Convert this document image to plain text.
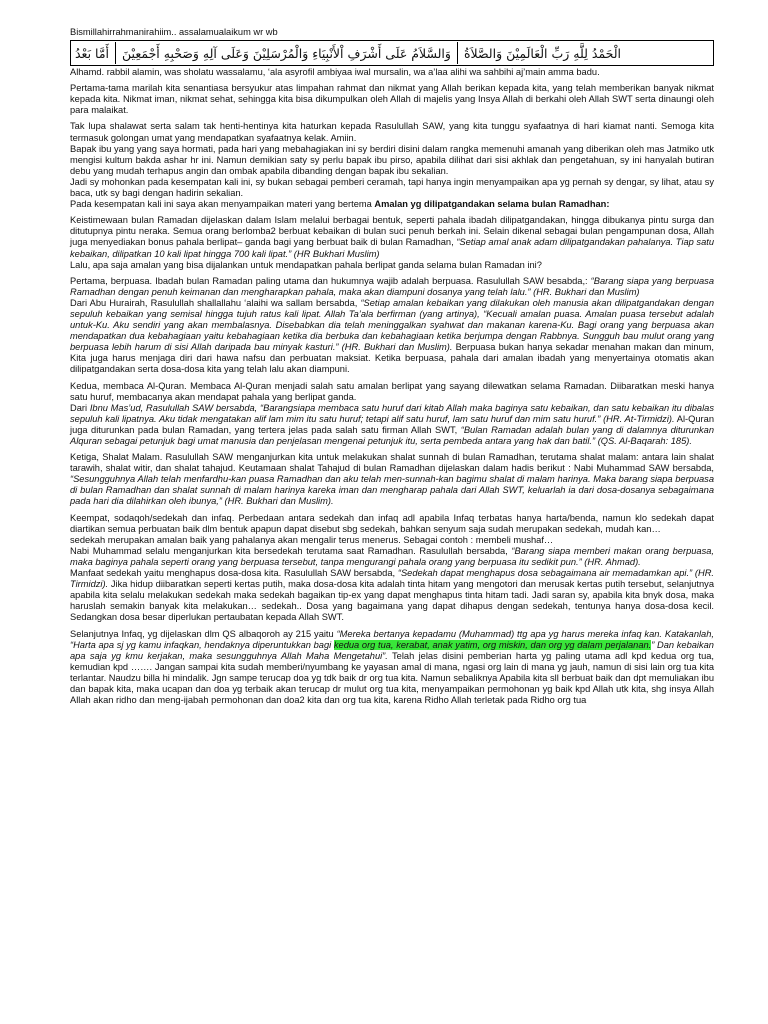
Bismillahirrahmanirahiim.. assalamualaikum wr wb

الْحَمْدُ لِلَّهِ رَبِّ الْعَالَمِيْنَ وَالصَّلاَةُ
وَالسَّلاَمُ عَلَى أَشْرَفِ اْلأَنْبِيَاءِ وَالْمُرْسَلِيْنَ وَعَلَى آلِهِ وَصَحْبِهِ أَجْمَعِيْنَ
أَمَّا بَعْدُ

Alhamd. rabbil alamin, was sholatu wassalamu, ‘ala asyrofil ambiyaa iwal mursalin, wa a’laa alihi wa sahbihi aj’main amma badu.

Pertama-tama marilah kita senantiasa bersyukur atas limpahan rahmat dan nikmat yang Allah berikan kepada kita, yang telah memberikan banyak nikmat kepada kita. Nikmat iman, nikmat sehat, sehingga kita bisa dikumpulkan oleh Allah di majelis yang Insya Allah di berkahi oleh Allah SWT serta dinaungi oleh para malaikat.

Tak lupa shalawat serta salam tak henti-hentinya kita haturkan kepada Rasulullah SAW, yang kita tunggu syafaatnya di hari kiamat nanti. Semoga kita termasuk golongan umat yang mendapatkan syafaatnya kelak. Amiin.

Bapak ibu yang yang saya hormati, pada hari yang mebahagiakan ini sy berdiri disini dalam rangka memenuhi amanah yang diberikan oleh mas Jatmiko utk mengisi kultum bakda ashar hr ini. Namun demikian saty sy perlu bapak ibu pirso, apabila dilihat dari sisi akhlak dan pengetahuan, sy ini hanyalah butiran debu yang mudah terhapus angin dan ombak apabila dibanding dengan bapak ibu sekalian.

Jadi sy mohonkan pada kesempatan kali ini, sy bukan sebagai pemberi ceramah, tapi hanya ingin menyampaikan apa yg pernah sy dengar, sy lihat, atau sy baca, utk sy bagi dengan hadirin sekalian.

Pada kesempatan kali ini saya akan menyampaikan materi yang bertema Amalan yg dilipatgandakan selama bulan Ramadhan:

Keistimewaan bulan Ramadan dijelaskan dalam Islam melalui berbagai bentuk, seperti pahala ibadah dilipatgandakan, hingga dibukanya pintu surga dan ditutupnya pintu neraka. Semua orang berlomba2 berbuat kebaikan di bulan suci penuh berkah ini. Selain dikenal sebagai bulan pengampunan dosa, Allah juga menyediakan bonus pahala berlipat– ganda bagi yang berbuat baik di bulan Ramadhan, “Setiap amal anak adam dilipatgandakan pahalanya. Tiap satu kebaikan, dilipatkan 10 kali lipat hingga 700 kali lipat.” (HR Bukhari Muslim)

Lalu, apa saja amalan yang bisa dijalankan untuk mendapatkan pahala berlipat ganda selama bulan Ramadan ini?

Pertama, berpuasa. Ibadah bulan Ramadan paling utama dan hukumnya wajib adalah berpuasa. Rasulullah SAW besabda,: “Barang siapa yang berpuasa Ramadhan dengan penuh keimanan dan mengharapkan pahala, maka akan diampuni dosanya yang telah lalu.” (HR. Bukhari dan Muslim)

Dari Abu Hurairah, Rasulullah shallallahu ‘alaihi wa sallam bersabda, “Setiap amalan kebaikan yang dilakukan oleh manusia akan dilipatgandakan dengan sepuluh kebaikan yang semisal hingga tujuh ratus kali lipat. Allah Ta’ala berfirman (yang artinya), “Kecuali amalan puasa. Amalan puasa tersebut adalah untuk-Ku. Aku sendiri yang akan membalasnya. Disebabkan dia telah meninggalkan syahwat dan makanan karena-Ku. Bagi orang yang berpuasa akan mendapatkan dua kebahagiaan yaitu kebahagiaan ketika dia berbuka dan kebahagiaan ketika berjumpa dengan Rabbnya. Sungguh bau mulut orang yang berpuasa lebih harum di sisi Allah daripada bau minyak kasturi.” (HR. Bukhari dan Muslim). Berpuasa bukan hanya sekadar menahan makan dan minum, Kita juga harus menjaga diri dari hawa nafsu dan perbuatan maksiat. Ketika berpuasa, pahala dari amalan ibadah yang menyertainya otomatis akan dilipatgandakan serta dosa-dosa kita yang telah lalu akan diampuni.

Kedua, membaca Al-Quran. Membaca Al-Quran menjadi salah satu amalan berlipat yang sayang dilewatkan selama Ramadan. Diibaratkan meski hanya satu huruf, membacanya akan mendapat pahala yang berlipat ganda.

Dari Ibnu Mas’ud, Rasulullah SAW bersabda, “Barangsiapa membaca satu huruf dari kitab Allah maka baginya satu kebaikan, dan satu kebaikan itu dibalas sepuluh kali lipatnya. Aku tidak mengatakan alif lam mim itu satu huruf; tetapi alif satu huruf, lam satu huruf dan mim satu huruf.” (HR. At-Tirmidzi). Al-Quran juga diturunkan pada bulan Ramadan, yang tertera jelas pada salah satu firman Allah SWT, “Bulan Ramadan adalah bulan yang di dalamnya diturunkan Alquran sebagai petunjuk bagi umat manusia dan penjelasan mengenai petunjuk itu, serta pembeda antara yang hak dan batil.” (QS. Al-Baqarah: 185).

Ketiga, Shalat Malam. Rasulullah SAW menganjurkan kita untuk melakukan shalat sunnah di bulan Ramadhan, terutama shalat malam: antara lain shalat tarawih, shalat witir, dan shalat tahajud. Keutamaan shalat Tahajud di bulan Ramadhan dijelaskan dalam hadis berikut : Nabi Muhammad SAW bersabda, “Sesungguhnya Allah telah menfardhu-kan puasa Ramadhan dan aku telah men-sunnah-kan bagimu shalat di malam harinya. Maka barang siapa berpuasa di bulan Ramadhan dan shalat sunnah di malam harinya kareka iman dan mengharap pahala dari Allah SWT, keluarlah ia dari dosa-dosanya sebagaimana pada hari dia dilahirkan oleh ibunya,” (HR. Bukhari dan Muslim).

Keempat, sodaqoh/sedekah dan infaq. Perbedaan antara sedekah dan infaq adl apabila Infaq terbatas hanya harta/benda, namun klo sedekah dapat diartikan semua perbuatan baik dlm bentuk apapun dapat disebut sbg sedekah, bahkan senyum saja sudah merupakan sedekah, mudah kan…

sedekah merupakan amalan baik yang pahalanya akan mengalir terus menerus. Sebagai contoh : membeli mushaf…

Nabi Muhammad selalu menganjurkan kita bersedekah terutama saat Ramadhan. Rasulullah bersabda, “Barang siapa memberi makan orang berpuasa, maka baginya pahala seperti orang yang berpuasa tersebut, tanpa mengurangi pahala orang yang berpuasa itu sedikit pun.” (HR. Ahmad).

Manfaat sedekah yaitu menghapus dosa-dosa kita. Rasulullah SAW bersabda, “Sedekah dapat menghapus dosa sebagaimana air memadamkan api.” (HR. Tirmidzi). Jika hidup diibaratkan seperti kertas putih, maka dosa-dosa kita adalah tinta hitam yang mengotori dan merusak kertas putih tersebut, selanjutnya apabila kita selalu melakukan sedekah maka sedekah bagaikan tip-ex yang dapat menghapus tinta hitam tadi. Jadi saran sy, apabila kita bnyk dosa, maka haruslah semakin banyak kita melakukan… sedekah.. Dosa yang bagaimana yang dapat dihapus dengan sedekah, tentunya hanya dosa-dosa kecil. Sedangkan dosa besar diperlukan pertaubatan kepada Allah SWT.

Selanjutnya Infaq, yg dijelaskan dlm QS albaqoroh ay 215 yaitu “Mereka bertanya kepadamu (Muhammad) ttg apa yg harus mereka infaq kan. Katakanlah, “Harta apa sj yg kamu infaqkan, hendaknya diperuntukkan bagi kedua org tua, kerabat, anak yatim, org miskin, dan org yg dalam perjalanan.” Dan kebaikan apa saja yg kmu kerjakan, maka sesungguhnya Allah Maha Mengetahui”. Telah jelas disini pemberian harta yg paling utama adl kpd kedua org tua, kemudian kpd ……. Jangan sampai kita sudah memberi/nyumbang ke yayasan amal di mana, ngasi org lain di mana yg jauh, namun di sisi lain org tua kita terlantar. Naudzu billa hi mindalik. Jgn sampe terucap doa yg tdk baik dr org tua kita. Namun sebaliknya Apabila kita sll berbuat baik dan dpt memuliakan ibu dan bapak kita, maka ucapan dan doa yg terbaik akan terucap dr mulut org tua kita, menyampaikan permohonan yg baik kpd Allah utk kita, shg insya Allah Allah akan ridho dan meng-ijabah permohonan dan doa2 kita dan org tua kita, karena Ridho Allah terletak pada Ridho org tua
